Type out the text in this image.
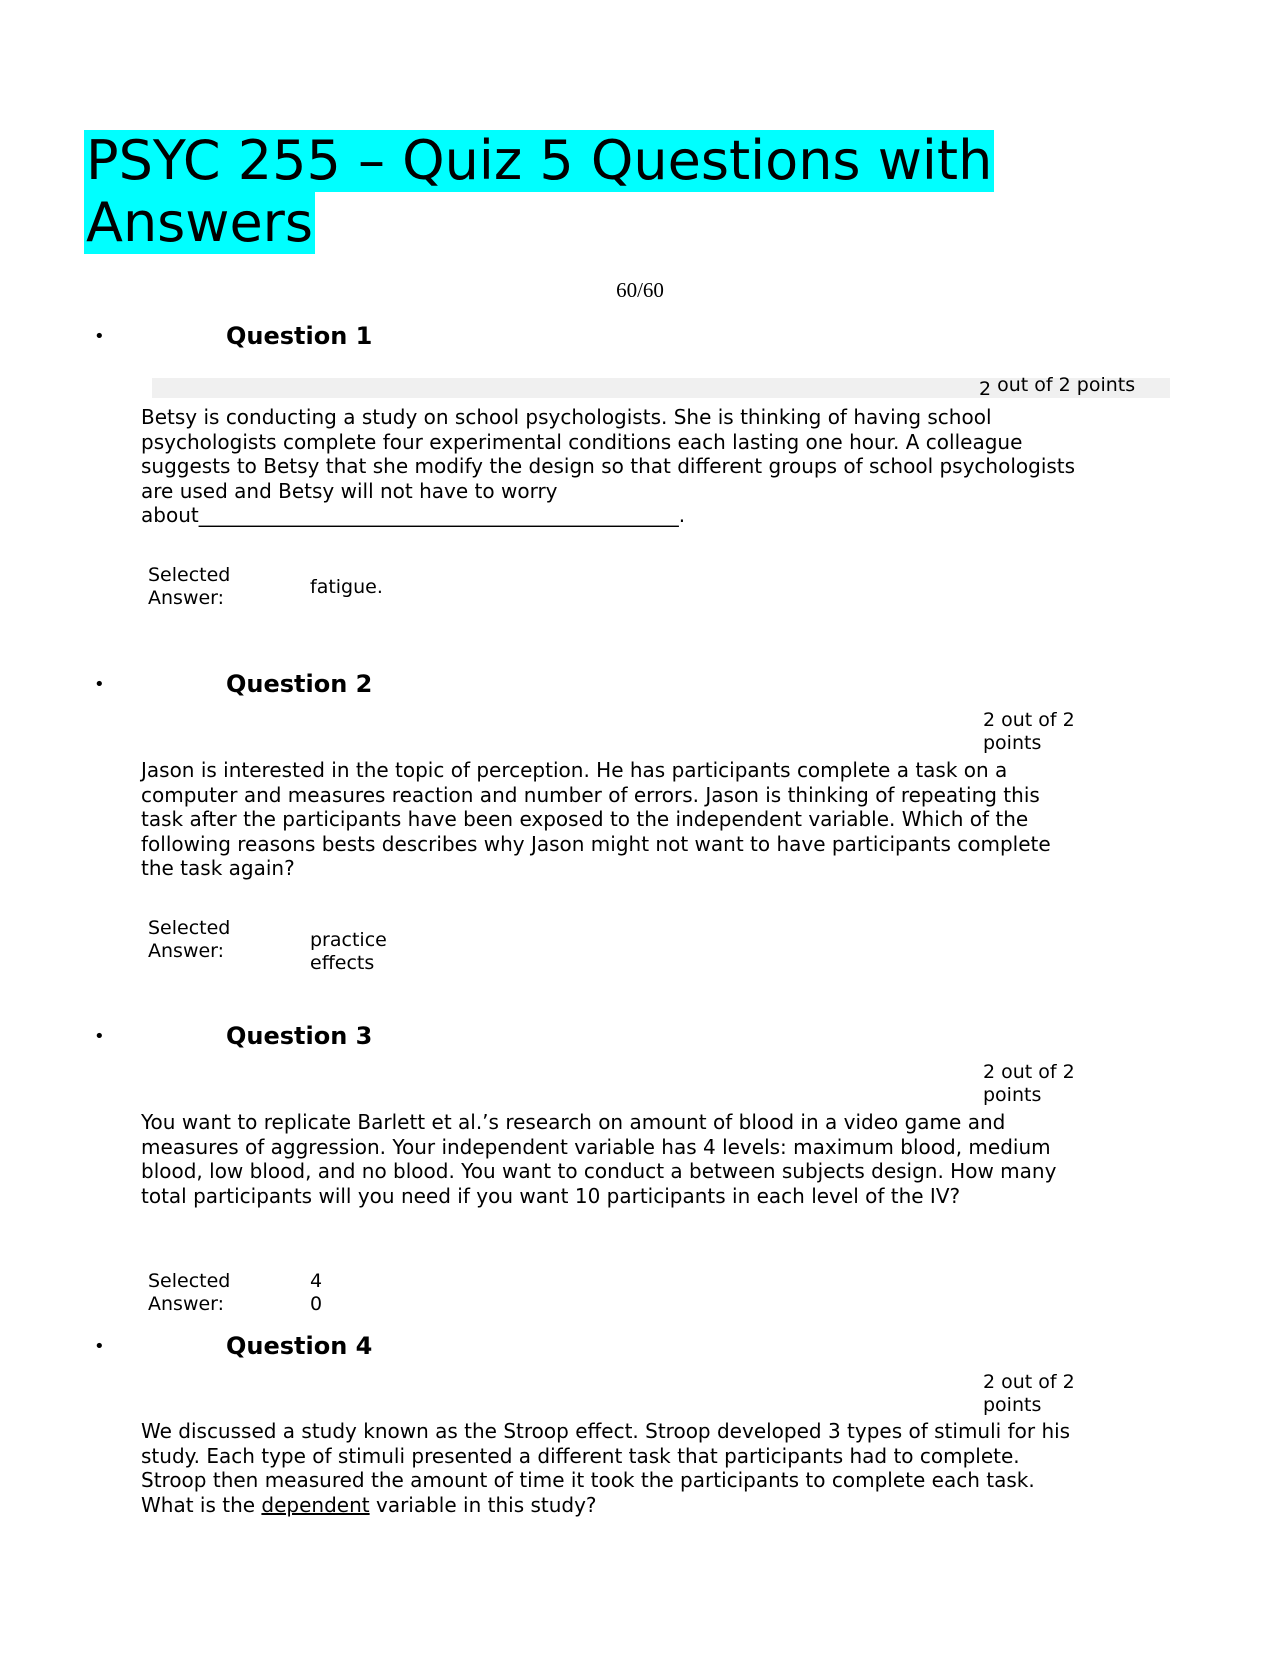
PSYC 255 – Quiz 5 Questions with
Answers
60/60
•	Question 1
2 out of 2 points
Betsy is conducting a study on school psychologists. She is thinking of having school psychologists complete four experimental conditions each lasting one hour. A colleague suggests to Betsy that she modify the design so that different groups of school psychologists are used and Betsy will not have to worry about________________________________________________.
Selected Answer:	fatigue.
•	Question 2
2 out of 2 points
Jason is interested in the topic of perception. He has participants complete a task on a computer and measures reaction and number of errors. Jason is thinking of repeating this task after the participants have been exposed to the independent variable. Which of the following reasons bests describes why Jason might not want to have participants complete the task again?
Selected Answer:	practice effects
•	Question 3
2 out of 2 points
You want to replicate Barlett et al.’s research on amount of blood in a video game and measures of aggression. Your independent variable has 4 levels: maximum blood, medium blood, low blood, and no blood. You want to conduct a between subjects design. How many total participants will you need if you want 10 participants in each level of the IV?
Selected Answer:
40
•	Question 4
2 out of 2 points
We discussed a study known as the Stroop effect. Stroop developed 3 types of stimuli for his study. Each type of stimuli presented a different task that participants had to complete. Stroop then measured the amount of time it took the participants to complete each task. What is the dependent variable in this study?
